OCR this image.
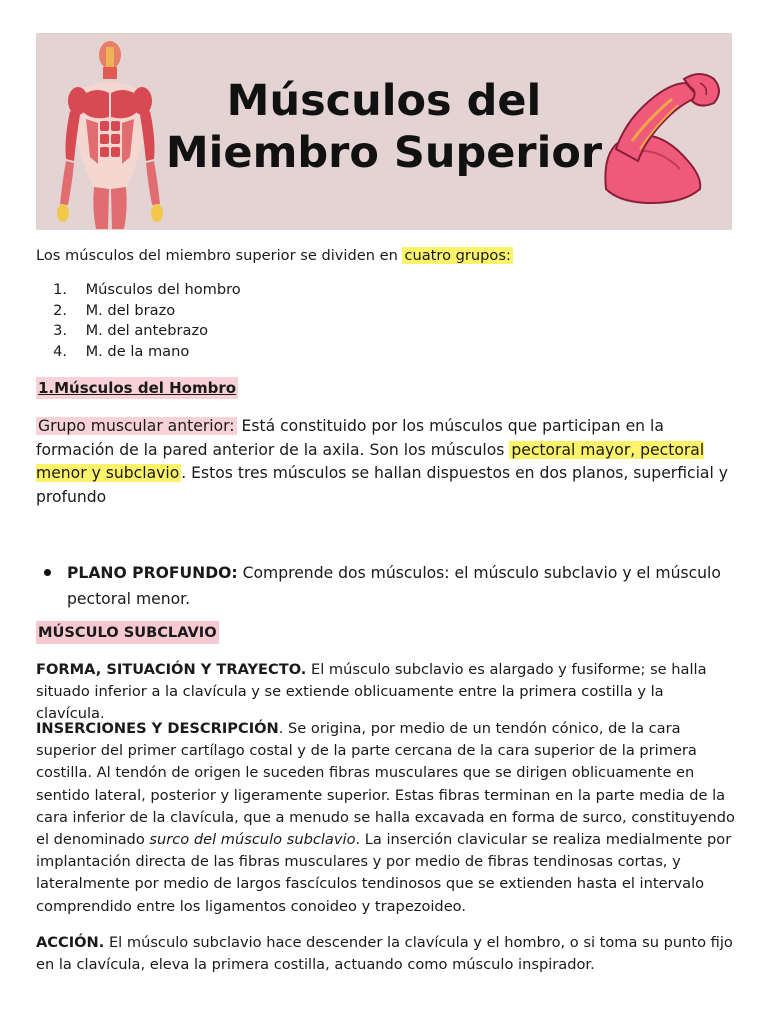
Músculos del
Miembro Superior
Los músculos del miembro superior se dividen en cuatro grupos:
1. Músculos del hombro
2. M. del brazo
3. M. del antebrazo
4. M. de la mano
1.Músculos del Hombro
Grupo muscular anterior: Está constituido por los músculos que participan en la formación de la pared anterior de la axila. Son los músculos pectoral mayor, pectoral menor y subclavio . Estos tres músculos se hallan dispuestos en dos planos, superficial y profundo
PLANO PROFUNDO: Comprende dos músculos: el músculo subclavio y el músculo pectoral menor.
MÚSCULO SUBCLAVIO
FORMA, SITUACIÓN Y TRAYECTO. El músculo subclavio es alargado y fusiforme; se halla situado inferior a la clavícula y se extiende oblicuamente entre la primera costilla y la clavícula.
INSERCIONES Y DESCRIPCIÓN. Se origina, por medio de un tendón cónico, de la cara superior del primer cartílago costal y de la parte cercana de la cara superior de la primera costilla. Al tendón de origen le suceden fibras musculares que se dirigen oblicuamente en sentido lateral, posterior y ligeramente superior. Estas fibras terminan en la parte media de la cara inferior de la clavícula, que a menudo se halla excavada en forma de surco, constituyendo el denominado surco del músculo subclavio. La inserción clavicular se realiza medialmente por implantación directa de las fibras musculares y por medio de fibras tendinosas cortas, y lateralmente por medio de largos fascículos tendinosos que se extienden hasta el intervalo comprendido entre los ligamentos conoideo y trapezoideo.
ACCIÓN. El músculo subclavio hace descender la clavícula y el hombro, o si toma su punto fijo en la clavícula, eleva la primera costilla, actuando como músculo inspirador.
